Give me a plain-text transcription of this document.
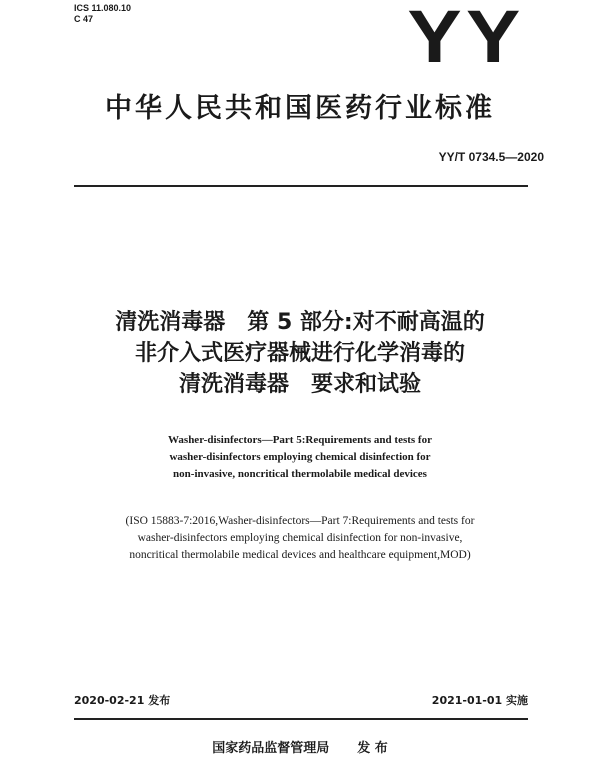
ICS 11.080.10
C 47	YY
中华人民共和国医药行业标准
YY/T 0734.5—2020
清洗消毒器　第 5 部分:对不耐高温的
非介入式医疗器械进行化学消毒的
清洗消毒器　要求和试验
Washer-disinfectors—Part 5:Requirements and tests for
washer-disinfectors employing chemical disinfection for
non-invasive, noncritical thermolabile medical devices
(ISO 15883-7:2016,Washer-disinfectors—Part 7:Requirements and tests for
washer-disinfectors employing chemical disinfection for non-invasive,
noncritical thermolabile medical devices and healthcare equipment,MOD)
2020-02-21 发布	2021-01-01 实施
国家药品监督管理局 发 布
